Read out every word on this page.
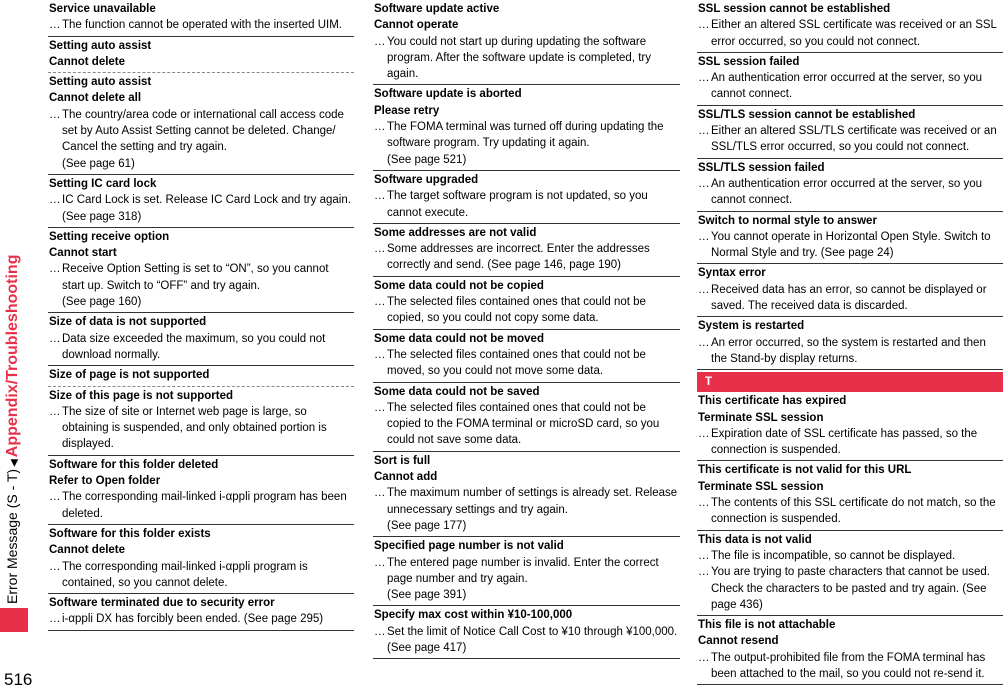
Error Message (S - T)◀Appendix/Troubleshooting
516
Service unavailable
… The function cannot be operated with the inserted UIM.
Setting auto assist
Cannot delete
Setting auto assist
Cannot delete all
… The country/area code or international call access code set by Auto Assist Setting cannot be deleted. Change/ Cancel the setting and try again.
(See page 61)
Setting IC card lock
… IC Card Lock is set. Release IC Card Lock and try again. (See page 318)
Setting receive option
Cannot start
… Receive Option Setting is set to “ON”, so you cannot start up. Switch to “OFF” and try again.
(See page 160)
Size of data is not supported
… Data size exceeded the maximum, so you could not download normally.
Size of page is not supported
Size of this page is not supported
… The size of site or Internet web page is large, so obtaining is suspended, and only obtained portion is displayed.
Software for this folder deleted
Refer to Open folder
… The corresponding mail-linked i-αppli program has been deleted.
Software for this folder exists
Cannot delete
… The corresponding mail-linked i-αppli program is contained, so you cannot delete.
Software terminated due to security error
… i-αppli DX has forcibly been ended. (See page 295)
Software update active
Cannot operate
… You could not start up during updating the software program. After the software update is completed, try again.
Software update is aborted
Please retry
… The FOMA terminal was turned off during updating the software program. Try updating it again.
(See page 521)
Software upgraded
… The target software program is not updated, so you cannot execute.
Some addresses are not valid
… Some addresses are incorrect. Enter the addresses correctly and send. (See page 146, page 190)
Some data could not be copied
… The selected files contained ones that could not be copied, so you could not copy some data.
Some data could not be moved
… The selected files contained ones that could not be moved, so you could not move some data.
Some data could not be saved
… The selected files contained ones that could not be copied to the FOMA terminal or microSD card, so you could not save some data.
Sort is full
Cannot add
… The maximum number of settings is already set. Release unnecessary settings and try again.
(See page 177)
Specified page number is not valid
… The entered page number is invalid. Enter the correct page number and try again.
(See page 391)
Specify max cost within ¥10-100,000
… Set the limit of Notice Call Cost to ¥10 through ¥100,000. (See page 417)
SSL session cannot be established
… Either an altered SSL certificate was received or an SSL error occurred, so you could not connect.
SSL session failed
… An authentication error occurred at the server, so you cannot connect.
SSL/TLS session cannot be established
… Either an altered SSL/TLS certificate was received or an SSL/TLS error occurred, so you could not connect.
SSL/TLS session failed
… An authentication error occurred at the server, so you cannot connect.
Switch to normal style to answer
… You cannot operate in Horizontal Open Style. Switch to Normal Style and try. (See page 24)
Syntax error
… Received data has an error, so cannot be displayed or saved. The received data is discarded.
System is restarted
… An error occurred, so the system is restarted and then the Stand-by display returns.
T
This certificate has expired
Terminate SSL session
… Expiration date of SSL certificate has passed, so the connection is suspended.
This certificate is not valid for this URL
Terminate SSL session
… The contents of this SSL certificate do not match, so the connection is suspended.
This data is not valid
… The file is incompatible, so cannot be displayed.
… You are trying to paste characters that cannot be used. Check the characters to be pasted and try again. (See page 436)
This file is not attachable
Cannot resend
… The output-prohibited file from the FOMA terminal has been attached to the mail, so you could not re-send it.
